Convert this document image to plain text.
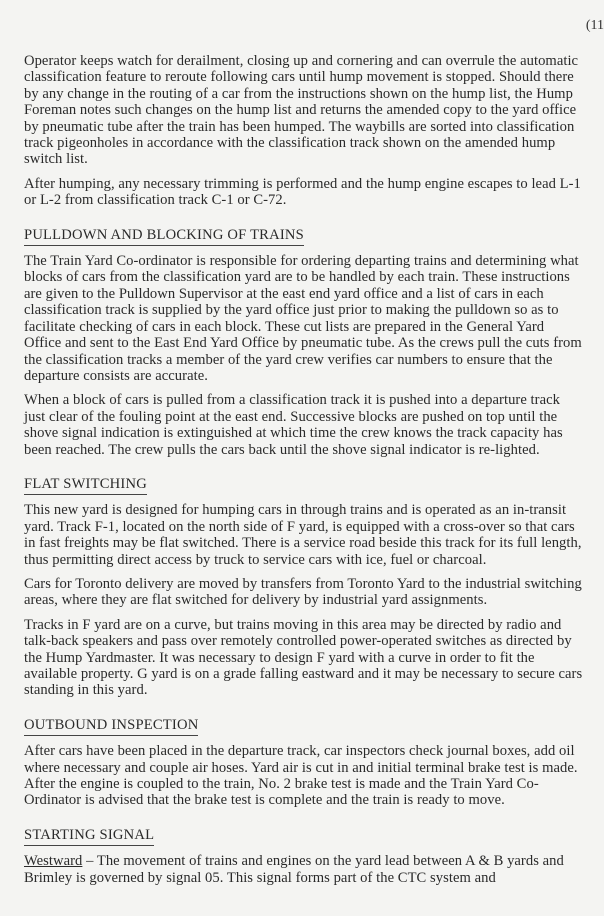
(11

Operator keeps watch for derailment, closing up and cornering and can overrule the automatic classification feature to reroute following cars until hump movement is stopped. Should there by any change in the routing of a car from the instructions shown on the hump list, the Hump Foreman notes such changes on the hump list and returns the amended copy to the yard office by pneumatic tube after the train has been humped. The waybills are sorted into classification track pigeonholes in accordance with the classification track shown on the amended hump switch list.

After humping, any necessary trimming is performed and the hump engine escapes to lead L-1 or L-2 from classification track C-1 or C-72.

PULLDOWN AND BLOCKING OF TRAINS

The Train Yard Co-ordinator is responsible for ordering departing trains and determining what blocks of cars from the classification yard are to be handled by each train. These instructions are given to the Pulldown Supervisor at the east end yard office and a list of cars in each classification track is supplied by the yard office just prior to making the pulldown so as to facilitate checking of cars in each block. These cut lists are prepared in the General Yard Office and sent to the East End Yard Office by pneumatic tube. As the crews pull the cuts from the classification tracks a member of the yard crew verifies car numbers to ensure that the departure consists are accurate.

When a block of cars is pulled from a classification track it is pushed into a departure track just clear of the fouling point at the east end. Successive blocks are pushed on top until the shove signal indication is extinguished at which time the crew knows the track capacity has been reached. The crew pulls the cars back until the shove signal indicator is re-lighted.

FLAT SWITCHING

This new yard is designed for humping cars in through trains and is operated as an in-transit yard. Track F-1, located on the north side of F yard, is equipped with a cross-over so that cars in fast freights may be flat switched. There is a service road beside this track for its full length, thus permitting direct access by truck to service cars with ice, fuel or charcoal.

Cars for Toronto delivery are moved by transfers from Toronto Yard to the industrial switching areas, where they are flat switched for delivery by industrial yard assignments.

Tracks in F yard are on a curve, but trains moving in this area may be directed by radio and talk-back speakers and pass over remotely controlled power-operated switches as directed by the Hump Yardmaster. It was necessary to design F yard with a curve in order to fit the available property. G yard is on a grade falling eastward and it may be necessary to secure cars standing in this yard.

OUTBOUND INSPECTION

After cars have been placed in the departure track, car inspectors check journal boxes, add oil where necessary and couple air hoses. Yard air is cut in and initial terminal brake test is made. After the engine is coupled to the train, No. 2 brake test is made and the Train Yard Co-Ordinator is advised that the brake test is complete and the train is ready to move.

STARTING SIGNAL

Westward – The movement of trains and engines on the yard lead between A & B yards and Brimley is governed by signal 05. This signal forms part of the CTC system and
